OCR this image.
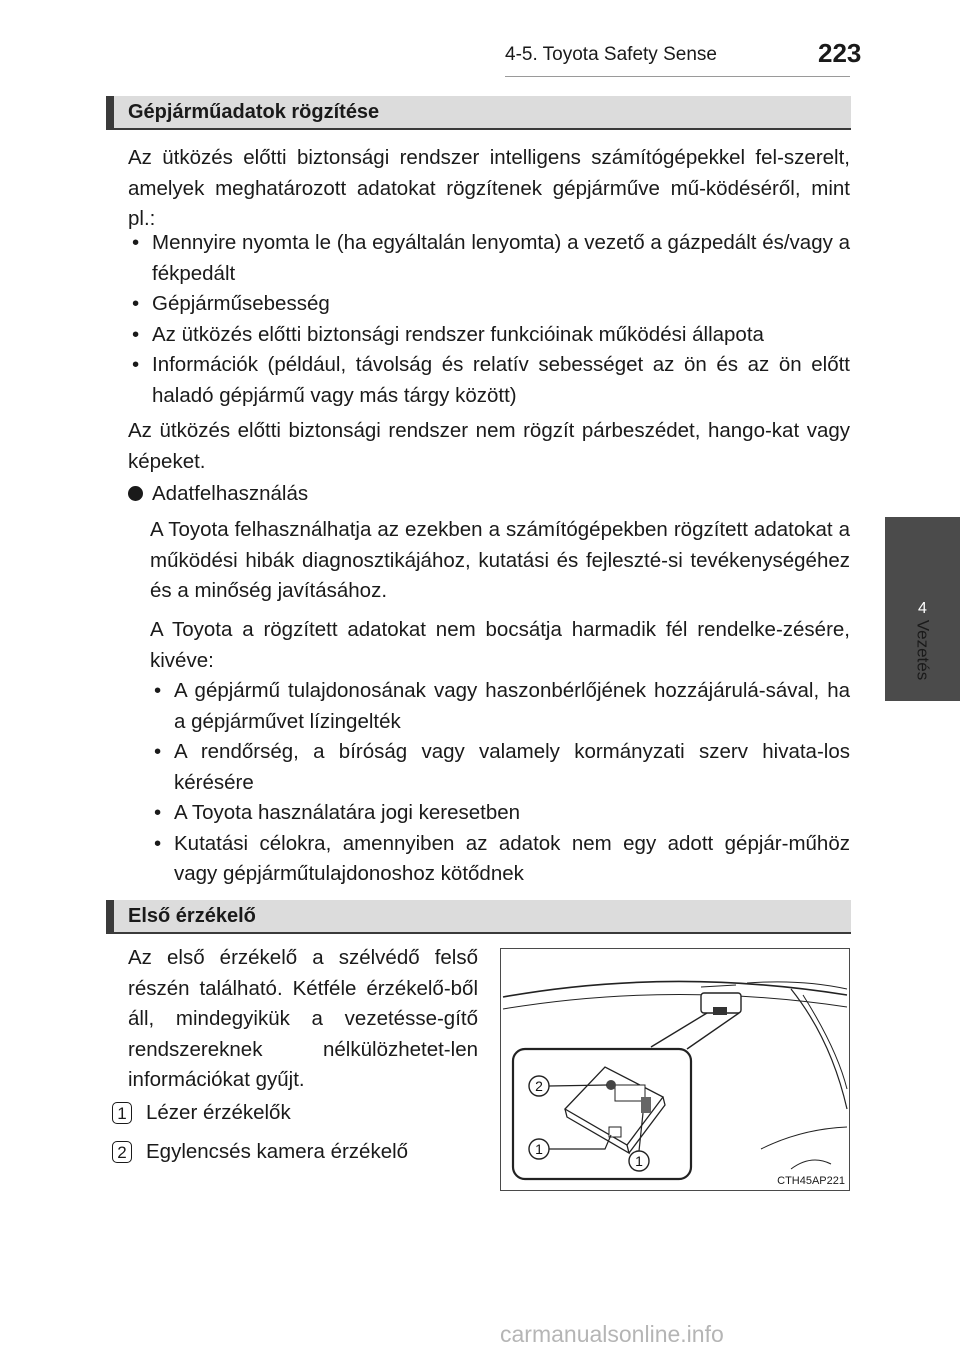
4-5. Toyota Safety Sense	223
4
Vezetés
Gépjárműadatok rögzítése
Az ütközés előtti biztonsági rendszer intelligens számítógépekkel fel-szerelt, amelyek meghatározott adatokat rögzítenek gépjárműve mű-ködéséről, mint pl.:
• Mennyire nyomta le (ha egyáltalán lenyomta) a vezető a gázpedált és/vagy a fékpedált
• Gépjárműsebesség
• Az ütközés előtti biztonsági rendszer funkcióinak működési állapota
• Információk (például, távolság és relatív sebességet az ön és az ön előtt haladó gépjármű vagy más tárgy között)
Az ütközés előtti biztonsági rendszer nem rögzít párbeszédet, hango-kat vagy képeket.
Adatfelhasználás
A Toyota felhasználhatja az ezekben a számítógépekben rögzített adatokat a működési hibák diagnosztikájához, kutatási és fejleszté-si tevékenységéhez és a minőség javításához.
A Toyota a rögzített adatokat nem bocsátja harmadik fél rendelke-zésére, kivéve:
• A gépjármű tulajdonosának vagy haszonbérlőjének hozzájárulá-sával, ha a gépjárművet lízingelték
• A rendőrség, a bíróság vagy valamely kormányzati szerv hivata-los kérésére
• A Toyota használatára jogi keresetben
• Kutatási célokra, amennyiben az adatok nem egy adott gépjár-műhöz vagy gépjárműtulajdonoshoz kötődnek
Első érzékelő
Az első érzékelő a szélvédő felső részén található. Kétféle érzékelő-ből áll, mindegyikük a vezetésse-gítő rendszereknek nélkülözhetet-len információkat gyűjt.
1 Lézer érzékelők
2 Egylencsés kamera érzékelő
2
1
1
CTH45AP221
carmanualsonline.info
